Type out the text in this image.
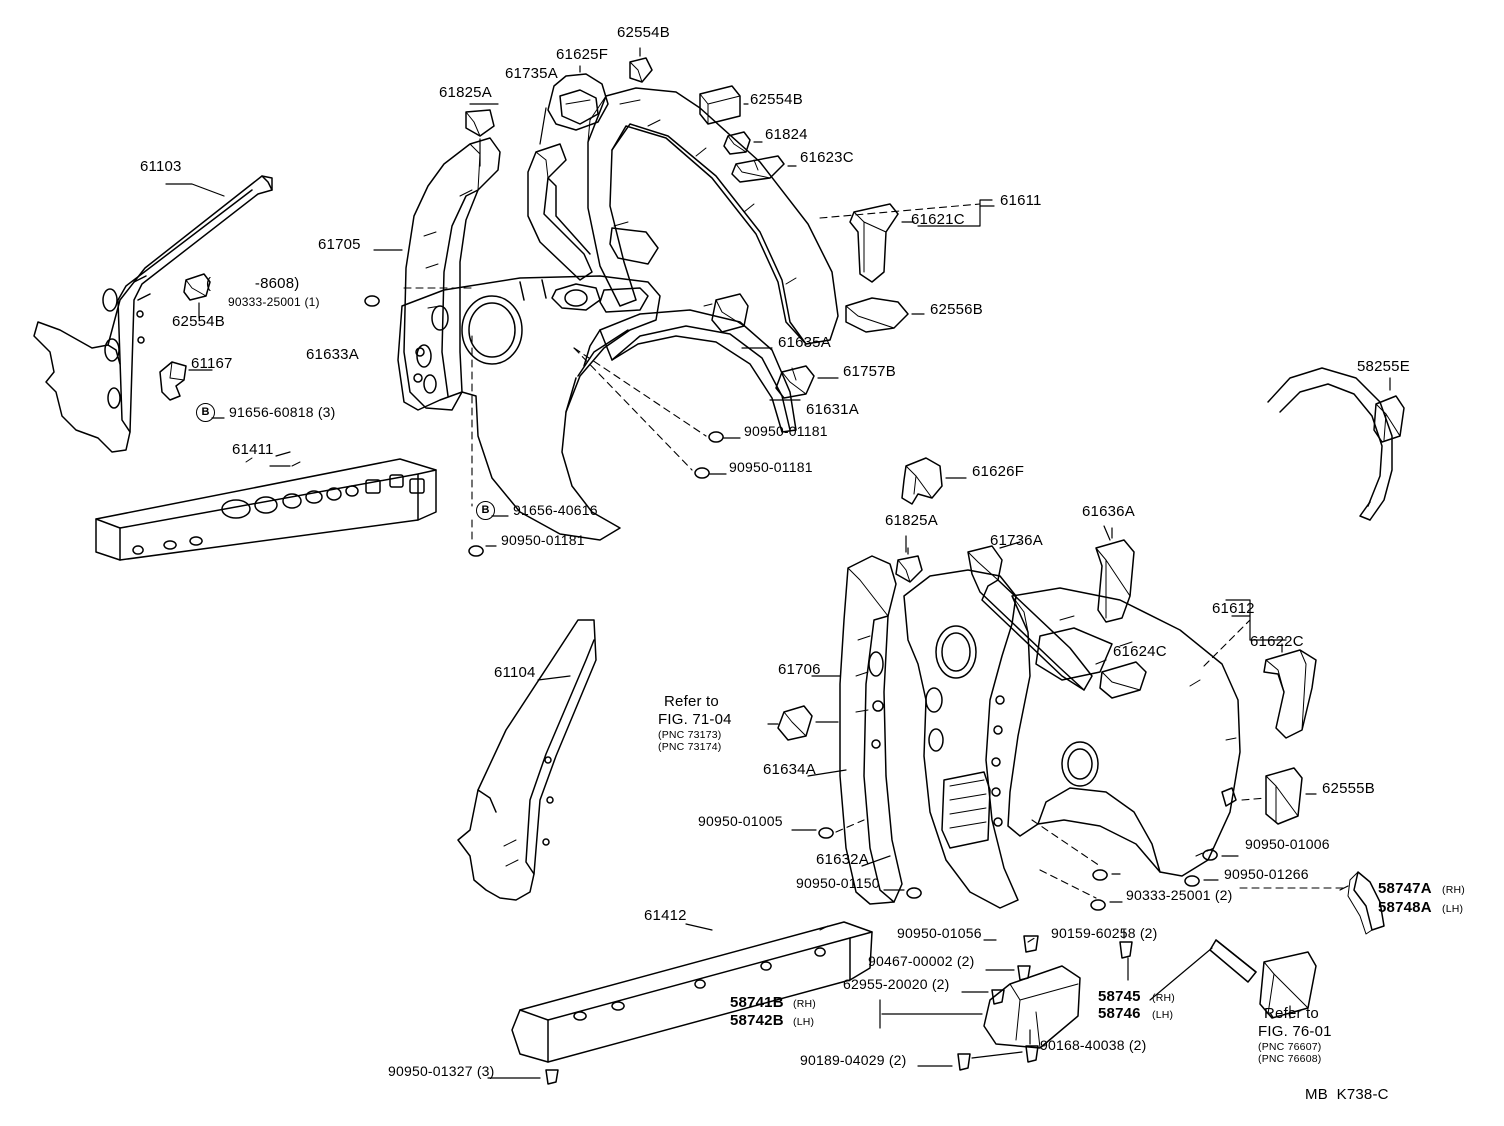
62554B
61625F
61735A
62554B
61825A
61824
61623C
61611
61621C
61103
61705
(          -8608)
90333-25001 (1)
62554B
62556B
61633A
61635A
61167	61757B
61631A
91656-60818 (3)
90950-01181
58255E
61411
90950-01181	61626F
61636A
61825A
61736A
91656-40616
90950-01181
61612
61622C
61624C
61104	61706
Refer to
FIG. 71-04
(PNC 73173)
(PNC 73174)
61634A
62555B
90950-01005
90950-01006
61632A
90950-01266
90950-01150
90333-25001 (2)	58747A (RH)
58748A (LH)
61412
90950-01056	90159-60258 (2)
90467-00002 (2)
62955-20020 (2)
58745 (RH)
58746 (LH)
58741B (RH)
58742B (LH)	Refer to
FIG. 76-01
(PNC 76607)
(PNC 76608)
90168-40038 (2)
90189-04029 (2)
90950-01327 (3)
MB  K738-C
B
B
